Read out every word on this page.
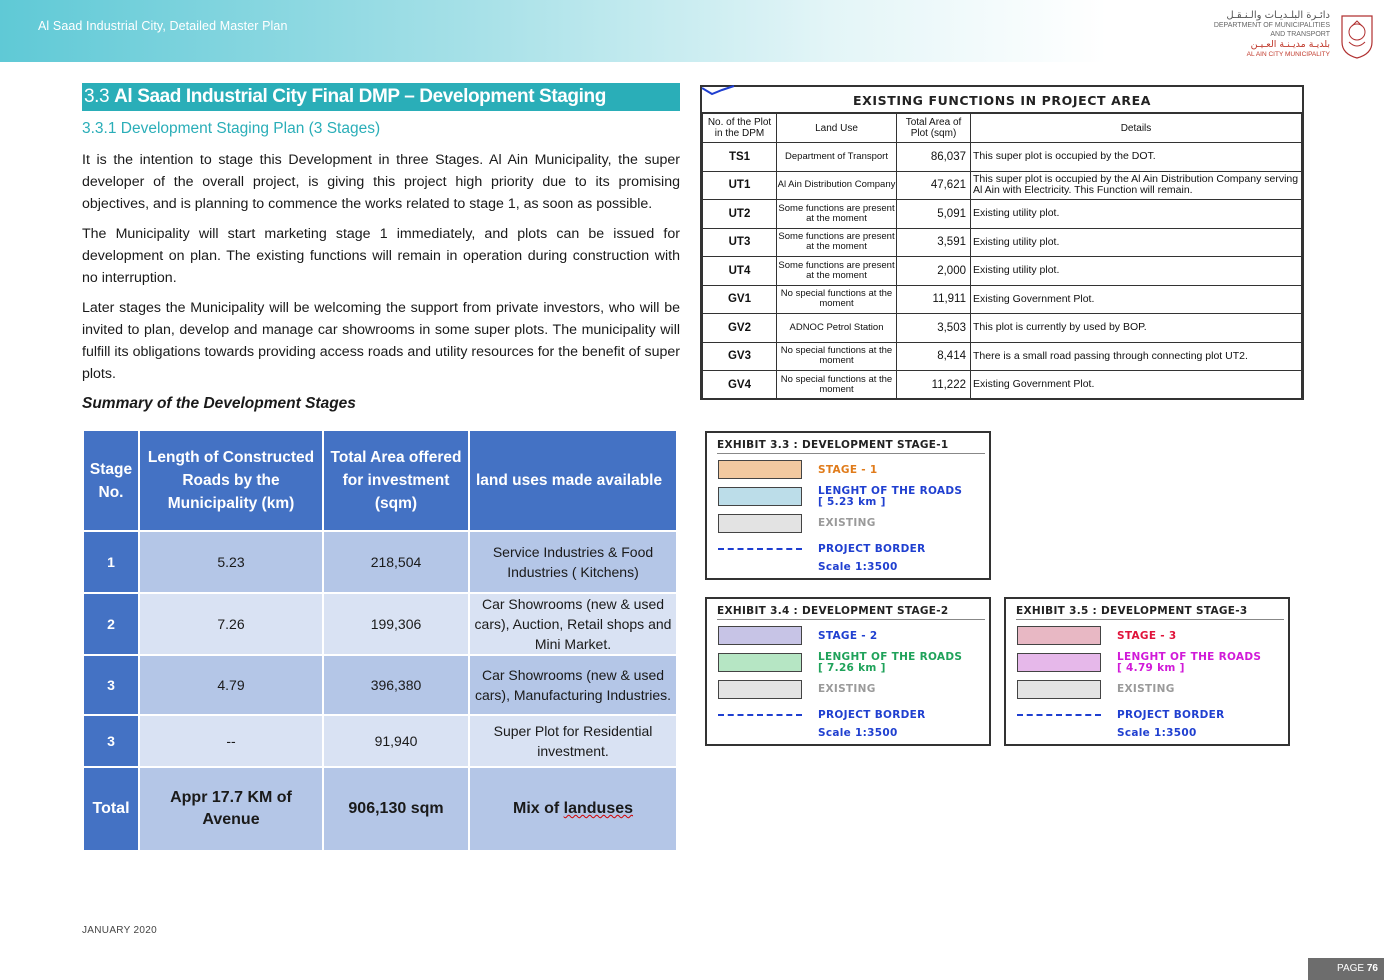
Al Saad Industrial City, Detailed Master Plan
دائـرة البلـديـات والـنـقـل
DEPARTMENT OF MUNICIPALITIES
AND TRANSPORT
بلديـة مديـنـة العـيـن
AL AIN CITY MUNICIPALITY
3.3 Al Saad Industrial City Final DMP – Development Staging
3.3.1 Development Staging Plan (3 Stages)

It is the intention to stage this Development in three Stages. Al Ain Municipality, the super developer of the overall project, is giving this project high priority due to its promising objectives, and is planning to commence the works related to stage 1, as soon as possible.

The Municipality will start marketing stage 1 immediately, and plots can be issued for development on plan. The existing functions will remain in operation during construction with no interruption.

Later stages the Municipality will be welcoming the support from private investors, who will be invited to plan, develop and manage car showrooms in some super plots. The municipality will fulfill its obligations towards providing access roads and utility resources for the benefit of super plots.

Summary of the Development Stages
Stage No.	Length of Constructed Roads by the Municipality (km)	Total Area offered for investment (sqm)	land uses made available
1	5.23	218,504	Service Industries & Food Industries ( Kitchens)
2	7.26	199,306	Car Showrooms (new & used cars), Auction, Retail shops and Mini Market.
3	4.79	396,380	Car Showrooms (new & used cars), Manufacturing Industries.
3	--	91,940	Super Plot for Residential investment.
Total	Appr 17.7 KM of Avenue	906,130 sqm	Mix of landuses
EXISTING FUNCTIONS IN PROJECT AREA
No. of the Plot in the DPM	Land Use	Total Area of Plot (sqm)	Details
TS1	Department of Transport	86,037	This super plot is occupied by the DOT.
UT1	Al Ain Distribution Company	47,621	This super plot is occupied by the Al Ain Distribution Company serving Al Ain with Electricity. This Function will remain.
UT2	Some functions are present at the moment	5,091	Existing utility plot.
UT3	Some functions are present at the moment	3,591	Existing utility plot.
UT4	Some functions are present at the moment	2,000	Existing utility plot.
GV1	No special functions at the moment	11,911	Existing Government Plot.
GV2	ADNOC Petrol Station	3,503	This plot is currently by used by BOP.
GV3	No special functions at the moment	8,414	There is a small road passing through connecting plot UT2.
GV4	No special functions at the moment	11,222	Existing Government Plot.
EXHIBIT 3.3 : DEVELOPMENT STAGE-1
STAGE - 1
LENGHT OF THE ROADS
[ 5.23 km ]
EXISTING
PROJECT BORDER
Scale 1:3500
EXHIBIT 3.4 : DEVELOPMENT STAGE-2
STAGE - 2
LENGHT OF THE ROADS
[ 7.26 km ]
EXISTING
PROJECT BORDER
Scale 1:3500
EXHIBIT 3.5 : DEVELOPMENT STAGE-3
STAGE - 3
LENGHT OF THE ROADS
[ 4.79 km ]
EXISTING
PROJECT BORDER
Scale 1:3500
JANUARY 2020
PAGE 76
